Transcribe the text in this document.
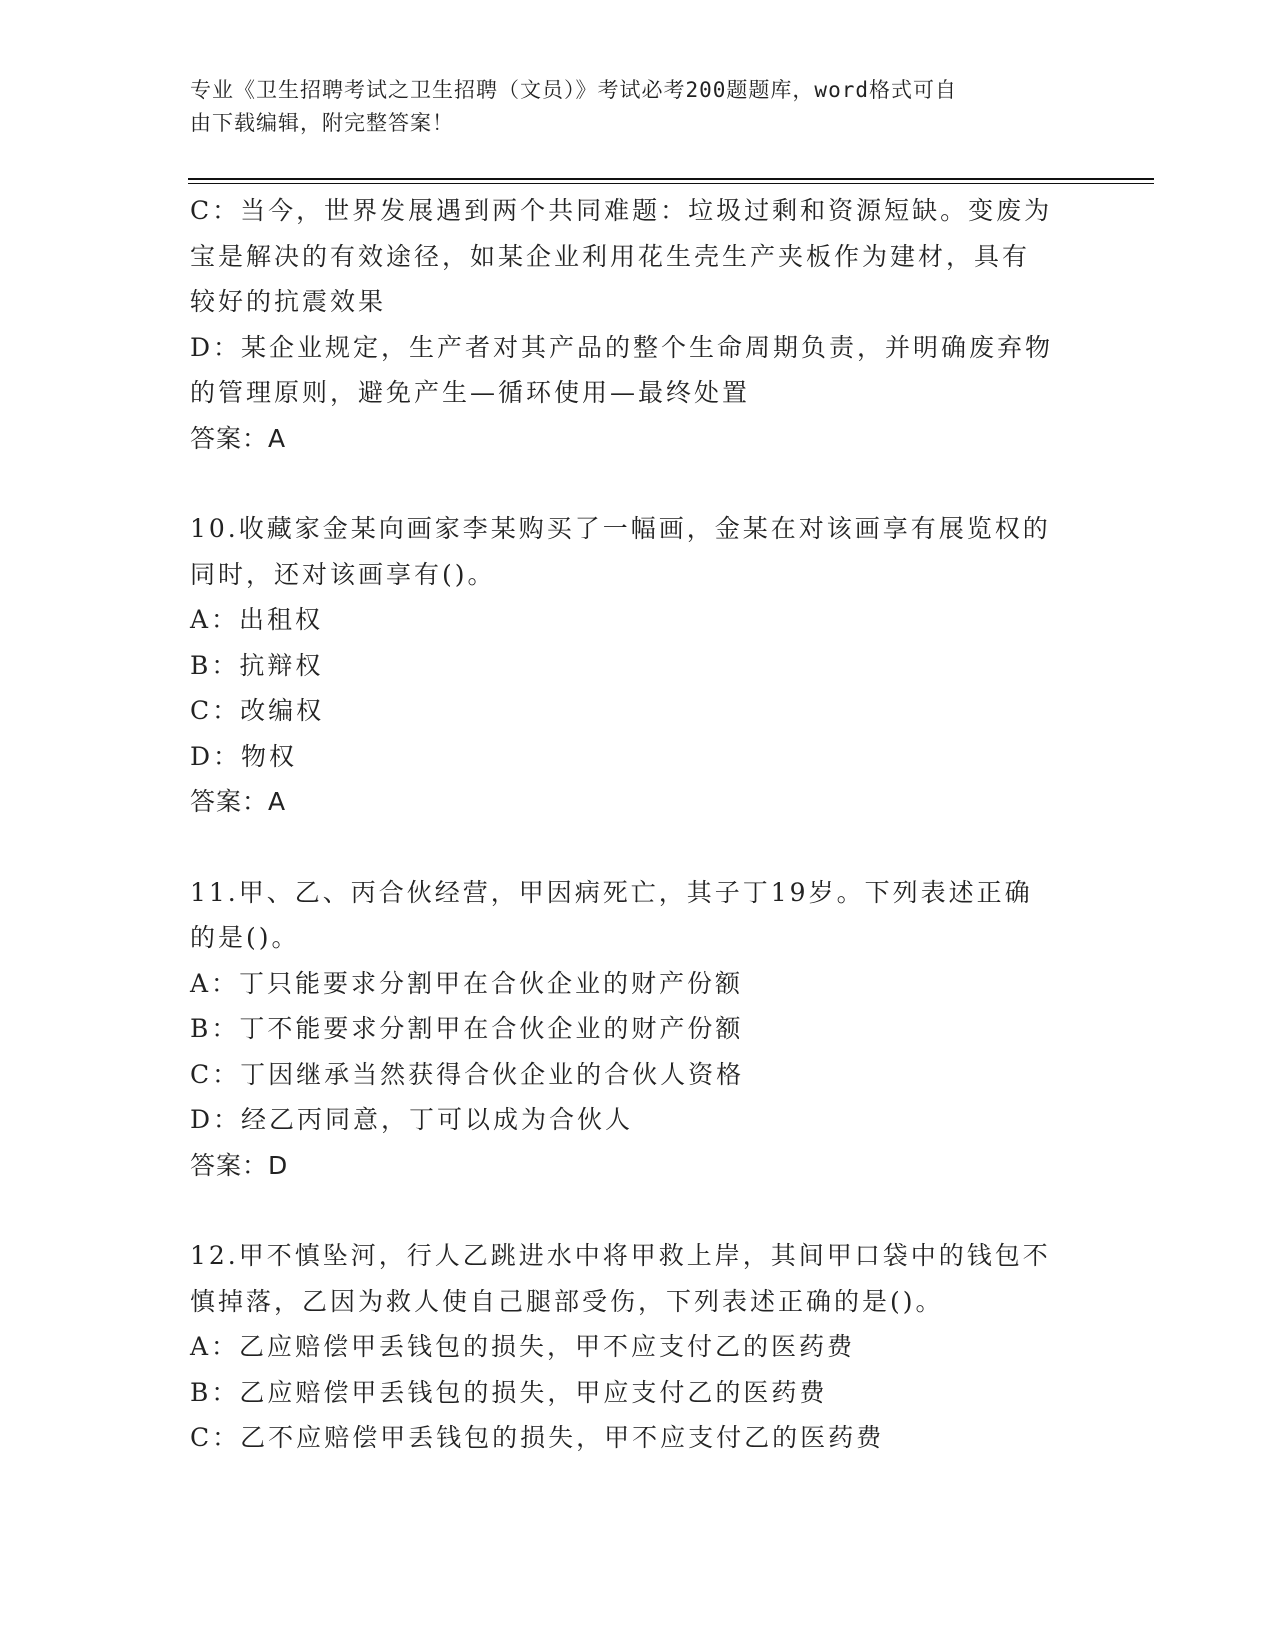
专业《卫生招聘考试之卫生招聘（文员）》考试必考200题题库，word格式可自
由下载编辑，附完整答案！
C：当今，世界发展遇到两个共同难题：垃圾过剩和资源短缺。变废为
宝是解决的有效途径，如某企业利用花生壳生产夹板作为建材，具有
较好的抗震效果
D：某企业规定，生产者对其产品的整个生命周期负责，并明确废弃物
的管理原则，避免产生—循环使用—最终处置
答案：A
10.收藏家金某向画家李某购买了一幅画，金某在对该画享有展览权的
同时，还对该画享有()。
A：出租权
B：抗辩权
C：改编权
D：物权
答案：A
11.甲、乙、丙合伙经营，甲因病死亡，其子丁19岁。下列表述正确
的是()。
A：丁只能要求分割甲在合伙企业的财产份额
B：丁不能要求分割甲在合伙企业的财产份额
C：丁因继承当然获得合伙企业的合伙人资格
D：经乙丙同意，丁可以成为合伙人
答案：D
12.甲不慎坠河，行人乙跳进水中将甲救上岸，其间甲口袋中的钱包不
慎掉落，乙因为救人使自己腿部受伤，下列表述正确的是()。
A：乙应赔偿甲丢钱包的损失，甲不应支付乙的医药费
B：乙应赔偿甲丢钱包的损失，甲应支付乙的医药费
C：乙不应赔偿甲丢钱包的损失，甲不应支付乙的医药费
